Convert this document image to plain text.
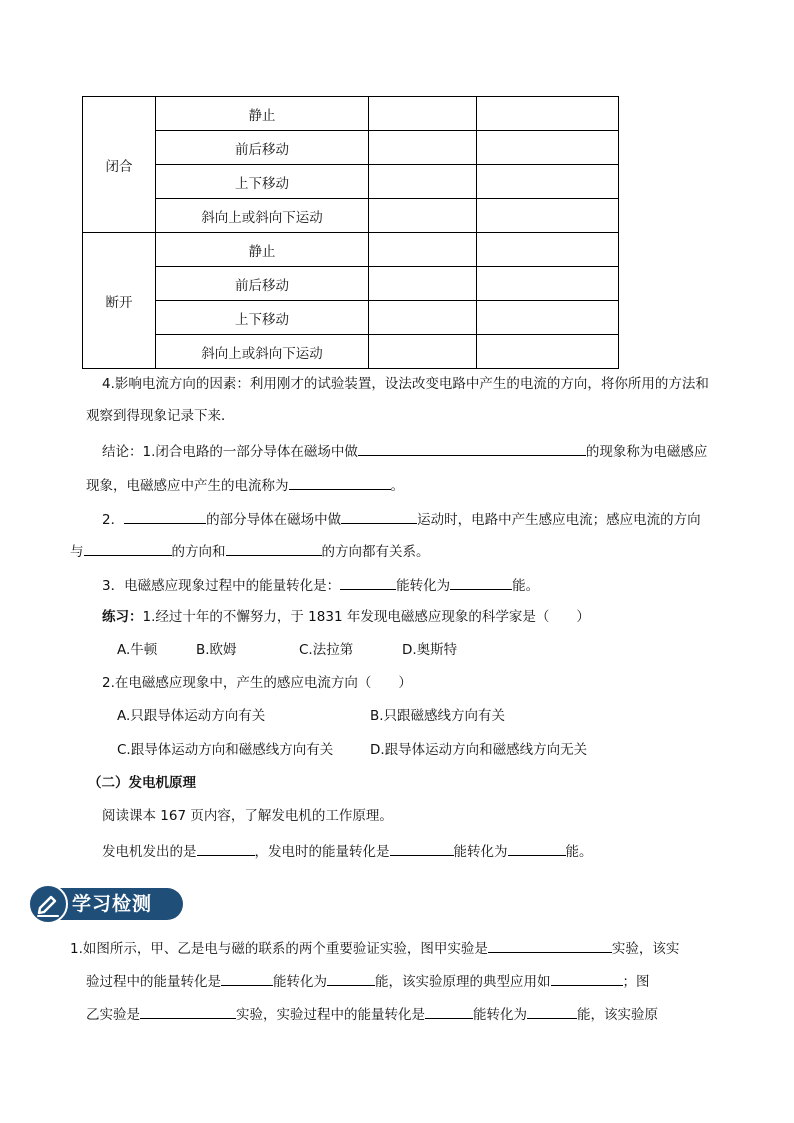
闭合	静止		
	前后移动		
	上下移动		
	斜向上或斜向下运动		
断开	静止		
	前后移动		
	上下移动		
	斜向上或斜向下运动		
4.影响电流方向的因素：利用刚才的试验装置，设法改变电路中产生的电流的方向，将你所用的方法和
观察到得现象记录下来．
结论：1.闭合电路的一部分导体在磁场中做	的现象称为电磁感应
现象，电磁感应中产生的电流称为	。
2．	的部分导体在磁场中做	运动时，电路中产生感应电流；感应电流的方向
与	的方向和	的方向都有关系。
3．电磁感应现象过程中的能量转化是：	能转化为	能。
练习：1.经过十年的不懈努力，于 1831 年发现电磁感应现象的科学家是（　　）
A.牛顿	B.欧姆	C.法拉第	D.奥斯特
2.在电磁感应现象中，产生的感应电流方向（　　）
A.只跟导体运动方向有关	B.只跟磁感线方向有关
C.跟导体运动方向和磁感线方向有关	D.跟导体运动方向和磁感线方向无关
（二）发电机原理
阅读课本 167 页内容，了解发电机的工作原理。
发电机发出的是	，发电时的能量转化是	能转化为	能。
学习检测
1.如图所示，甲、乙是电与磁的联系的两个重要验证实验，图甲实验是	实验，该实
验过程中的能量转化是	能转化为	能，该实验原理的典型应用如	；图
乙实验是	实验，实验过程中的能量转化是	能转化为	能，该实验原
